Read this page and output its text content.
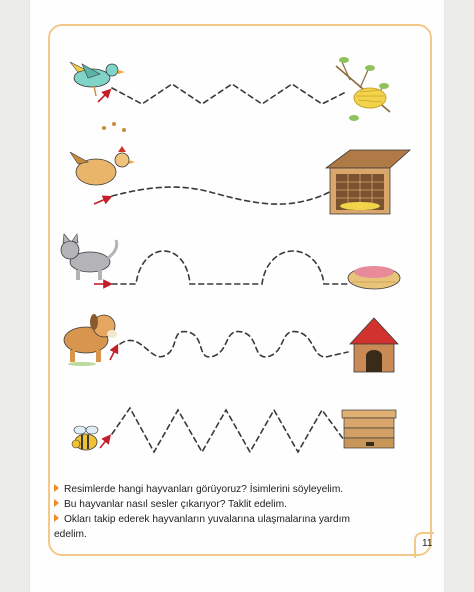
Resimlerde hangi hayvanları görüyoruz? İsimlerini söyleyelim.

Bu hayvanlar nasıl sesler çıkarıyor? Taklit edelim.

Okları takip ederek hayvanların yuvalarına ulaşmalarına yardım

edelim.

11
